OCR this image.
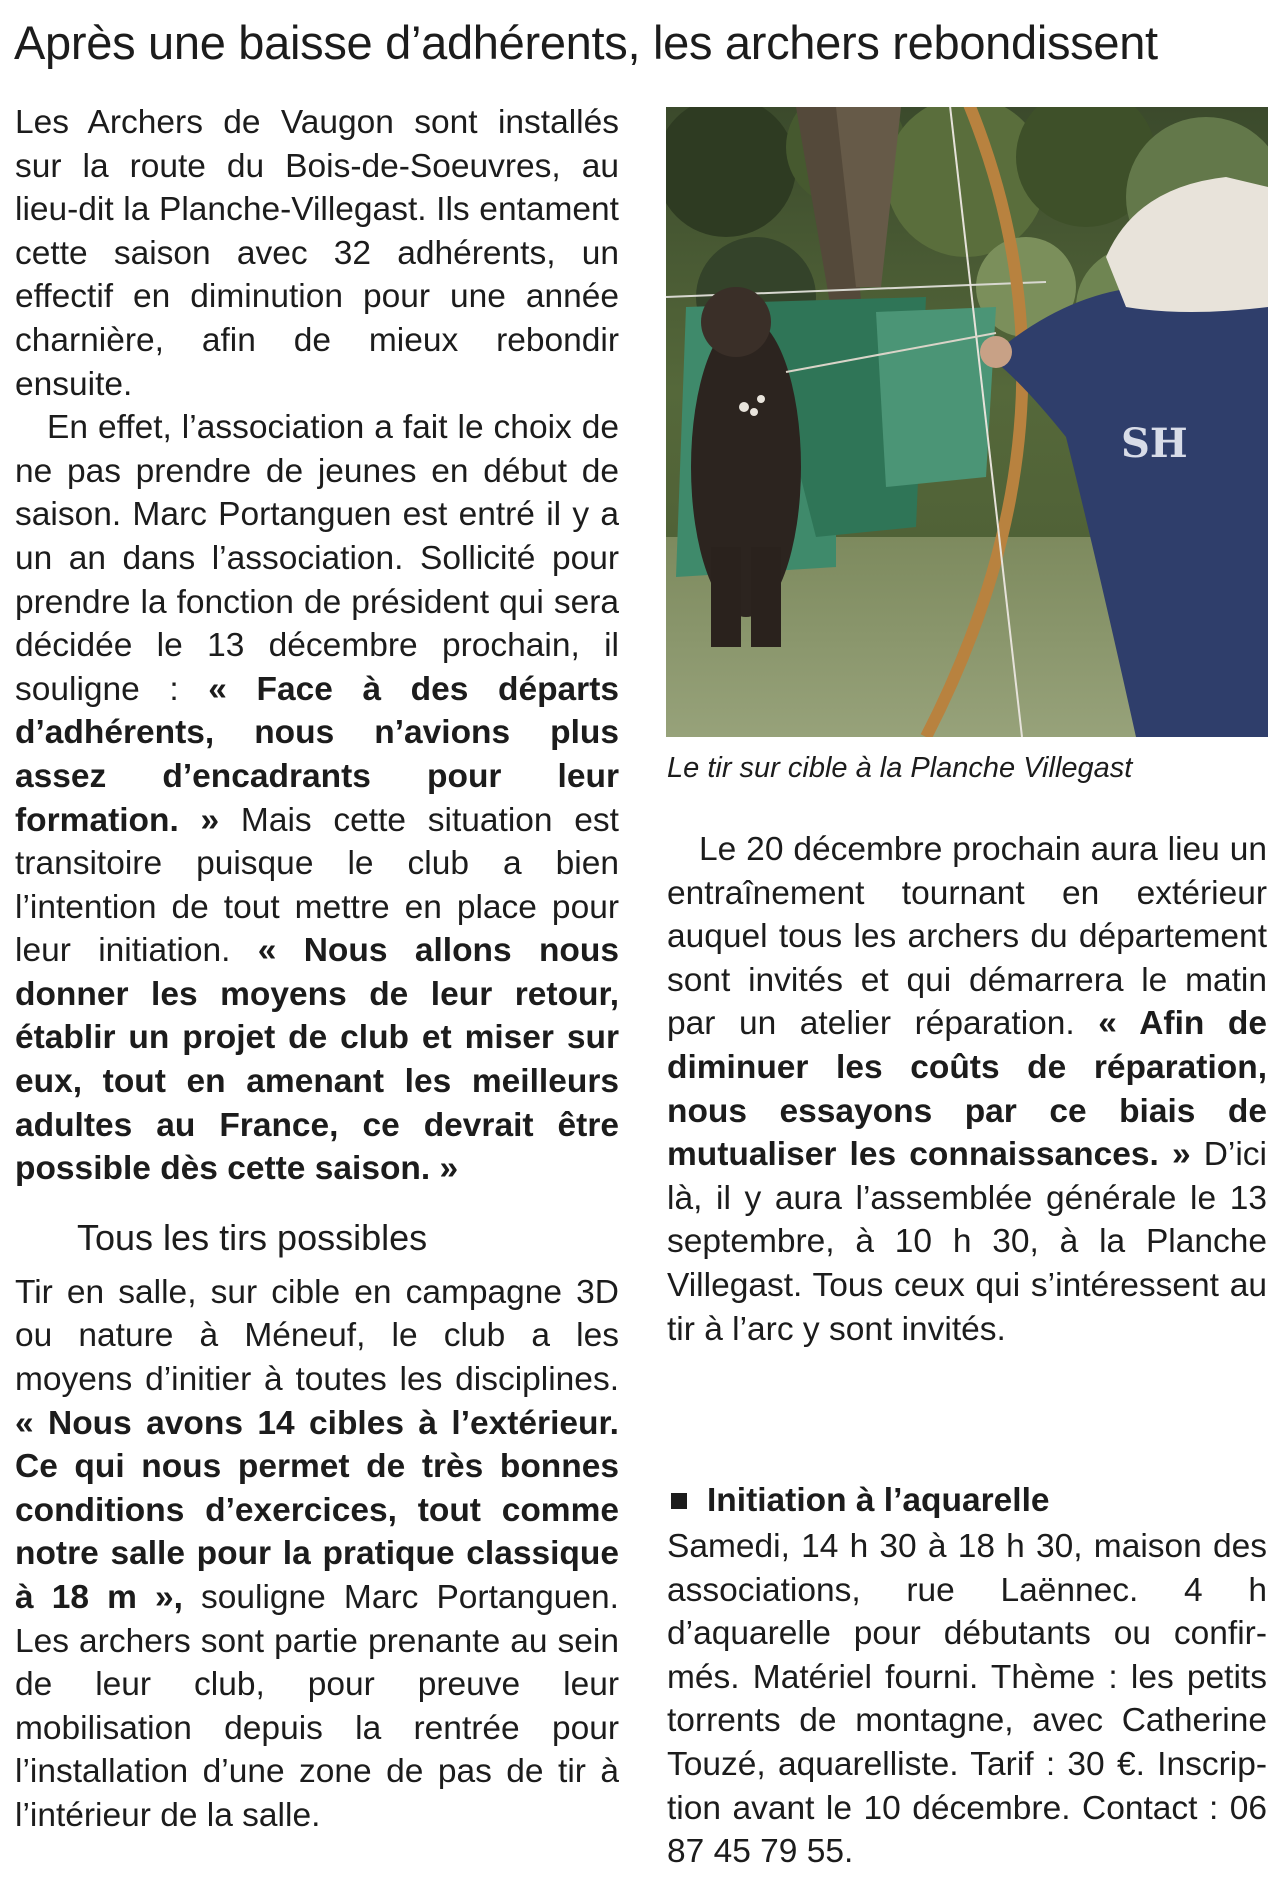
Après une baisse d’adhérents, les archers rebondissent

Les Archers de Vaugon sont installés sur la route du Bois-de-Soeuvres, au lieu-dit la Planche-Villegast. Ils entament cette saison avec 32 adhérents, un effectif en diminution pour une année charnière, afin de mieux rebondir ensuite.

En effet, l’association a fait le choix de ne pas prendre de jeunes en début de saison. Marc Portanguen est entré il y a un an dans l’association. Sollicité pour prendre la fonction de président qui sera décidée le 13 décembre prochain, il souligne : « Face à des départs d’adhérents, nous n’avions plus assez d’encadrants pour leur formation. » Mais cette situation est transitoire puisque le club a bien l’intention de tout mettre en place pour leur initiation. « Nous allons nous donner les moyens de leur retour, établir un projet de club et miser sur eux, tout en amenant les meilleurs adultes au France, ce devrait être possible dès cette saison. »

Tous les tirs possibles

Tir en salle, sur cible en campagne 3D ou nature à Méneuf, le club a les moyens d’initier à toutes les disciplines. « Nous avons 14 cibles à l’extérieur. Ce qui nous permet de très bonnes conditions d’exercices, tout comme notre salle pour la pratique classique à 18 m », souligne Marc Portanguen. Les archers sont partie prenante au sein de leur club, pour preuve leur mobilisation depuis la rentrée pour l’installation d’une zone de pas de tir à l’intérieur de la salle.

SH
Le tir sur cible à la Planche Villegast

Le 20 décembre prochain aura lieu un entraînement tournant en extérieur auquel tous les archers du département sont invités et qui démarrera le matin par un atelier réparation. « Afin de diminuer les coûts de réparation, nous essayons par ce biais de mutualiser les connaissances. » D’ici là, il y aura l’assemblée générale le 13 septembre, à 10 h 30, à la Planche Villegast. Tous ceux qui s’intéressent au tir à l’arc y sont invités.

Initiation à l’aquarelle

Samedi, 14 h 30 à 18 h 30, maison des associations, rue Laënnec. 4 h d’aquarelle pour débutants ou confirmés. Matériel fourni. Thème : les petits torrents de montagne, avec Catherine Touzé, aquarelliste. Tarif : 30 €. Inscription avant le 10 décembre. Contact : 06 87 45 79 55.
